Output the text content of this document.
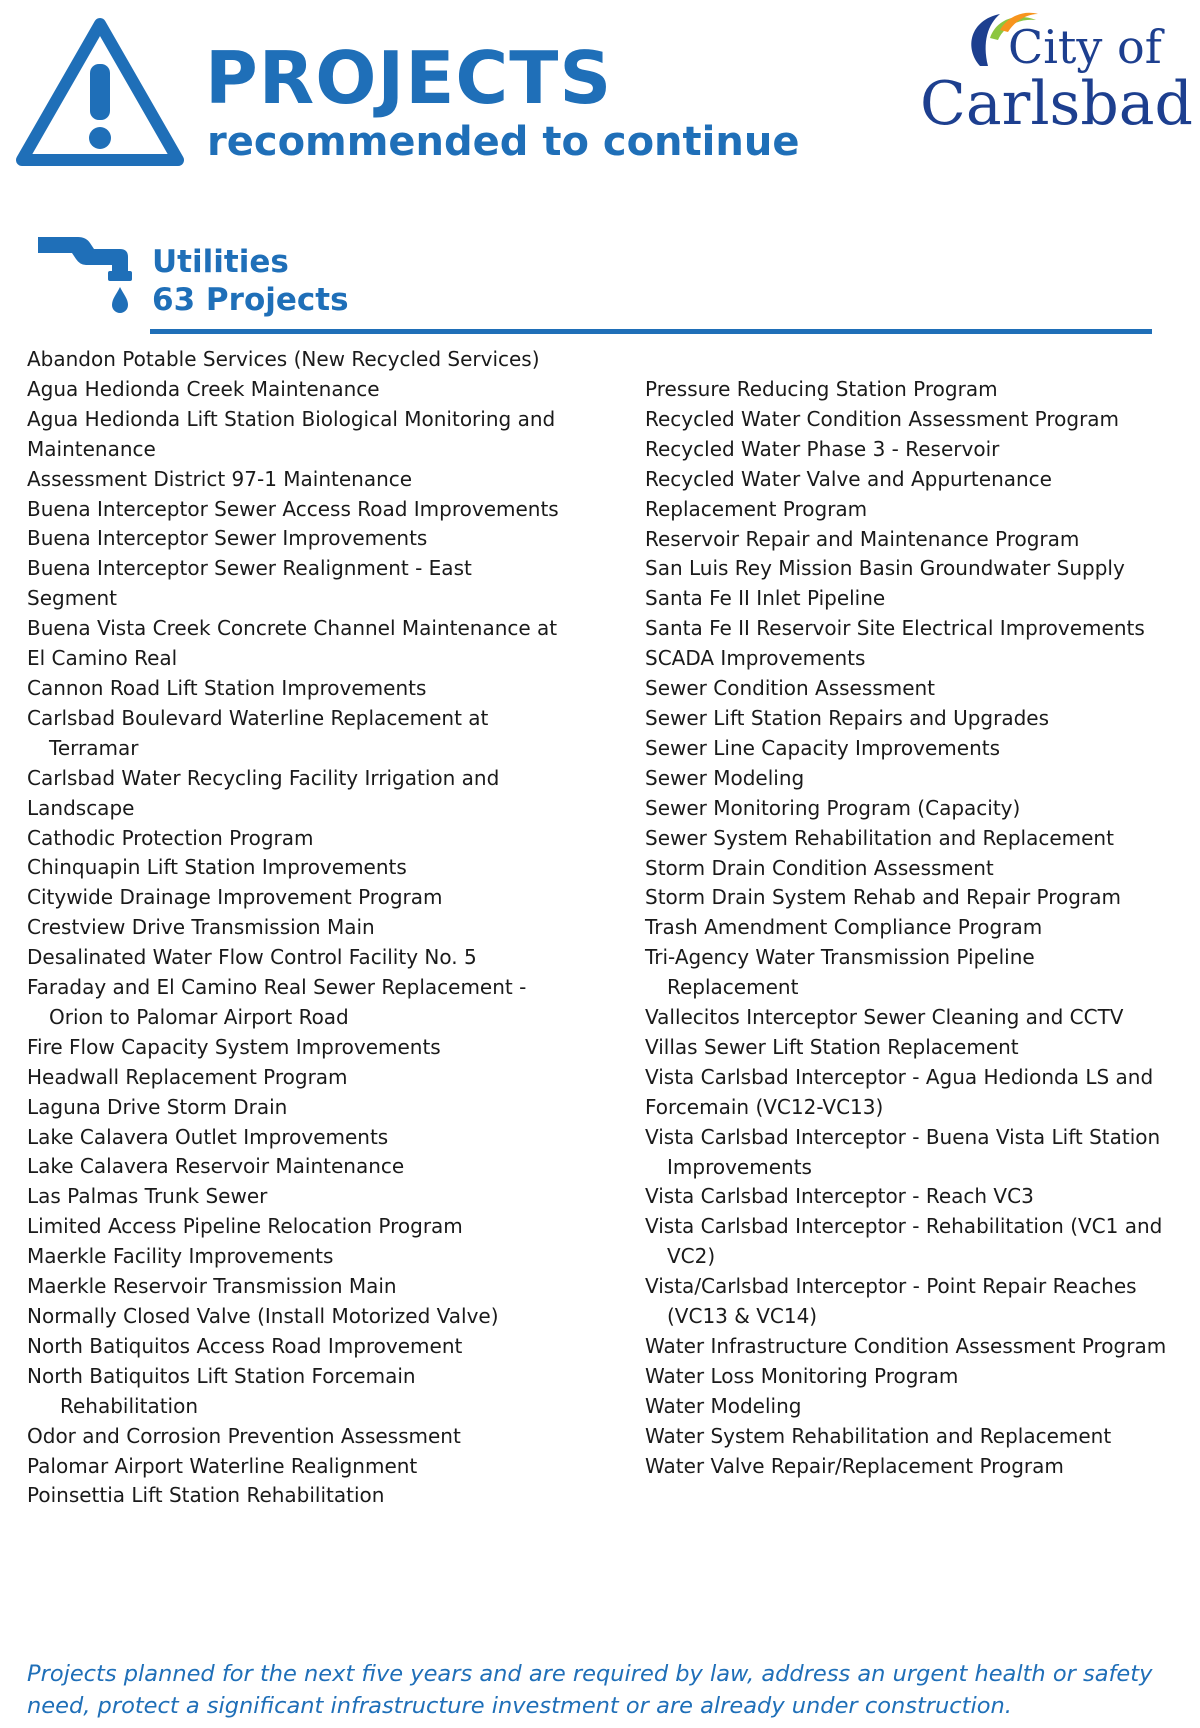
PROJECTS
recommended to continue
City of
Carlsbad
Utilities
63 Projects
Abandon Potable Services (New Recycled Services)
Agua Hedionda Creek Maintenance
Agua Hedionda Lift Station Biological Monitoring and
Maintenance
Assessment District 97-1 Maintenance
Buena Interceptor Sewer Access Road Improvements
Buena Interceptor Sewer Improvements
Buena Interceptor Sewer Realignment - East
Segment
Buena Vista Creek Concrete Channel Maintenance at
El Camino Real
Cannon Road Lift Station Improvements
Carlsbad Boulevard Waterline Replacement at
Terramar
Carlsbad Water Recycling Facility Irrigation and
Landscape
Cathodic Protection Program
Chinquapin Lift Station Improvements
Citywide Drainage Improvement Program
Crestview Drive Transmission Main
Desalinated Water Flow Control Facility No. 5
Faraday and El Camino Real Sewer Replacement -
Orion to Palomar Airport Road
Fire Flow Capacity System Improvements
Headwall Replacement Program
Laguna Drive Storm Drain
Lake Calavera Outlet Improvements
Lake Calavera Reservoir Maintenance
Las Palmas Trunk Sewer
Limited Access Pipeline Relocation Program
Maerkle Facility Improvements
Maerkle Reservoir Transmission Main
Normally Closed Valve (Install Motorized Valve)
North Batiquitos Access Road Improvement
North Batiquitos Lift Station Forcemain
Rehabilitation
Odor and Corrosion Prevention Assessment
Palomar Airport Waterline Realignment
Poinsettia Lift Station Rehabilitation
Pressure Reducing Station Program
Recycled Water Condition Assessment Program
Recycled Water Phase 3 - Reservoir
Recycled Water Valve and Appurtenance
Replacement Program
Reservoir Repair and Maintenance Program
San Luis Rey Mission Basin Groundwater Supply
Santa Fe II Inlet Pipeline
Santa Fe II Reservoir Site Electrical Improvements
SCADA Improvements
Sewer Condition Assessment
Sewer Lift Station Repairs and Upgrades
Sewer Line Capacity Improvements
Sewer Modeling
Sewer Monitoring Program (Capacity)
Sewer System Rehabilitation and Replacement
Storm Drain Condition Assessment
Storm Drain System Rehab and Repair Program
Trash Amendment Compliance Program
Tri-Agency Water Transmission Pipeline
Replacement
Vallecitos Interceptor Sewer Cleaning and CCTV
Villas Sewer Lift Station Replacement
Vista Carlsbad Interceptor - Agua Hedionda LS and
Forcemain (VC12-VC13)
Vista Carlsbad Interceptor - Buena Vista Lift Station
Improvements
Vista Carlsbad Interceptor - Reach VC3
Vista Carlsbad Interceptor - Rehabilitation (VC1 and
VC2)
Vista/Carlsbad Interceptor - Point Repair Reaches
(VC13 & VC14)
Water Infrastructure Condition Assessment Program
Water Loss Monitoring Program
Water Modeling
Water System Rehabilitation and Replacement
Water Valve Repair/Replacement Program

Projects planned for the next five years and are required by law, address an urgent health or safety need, protect a significant infrastructure investment or are already under construction.
